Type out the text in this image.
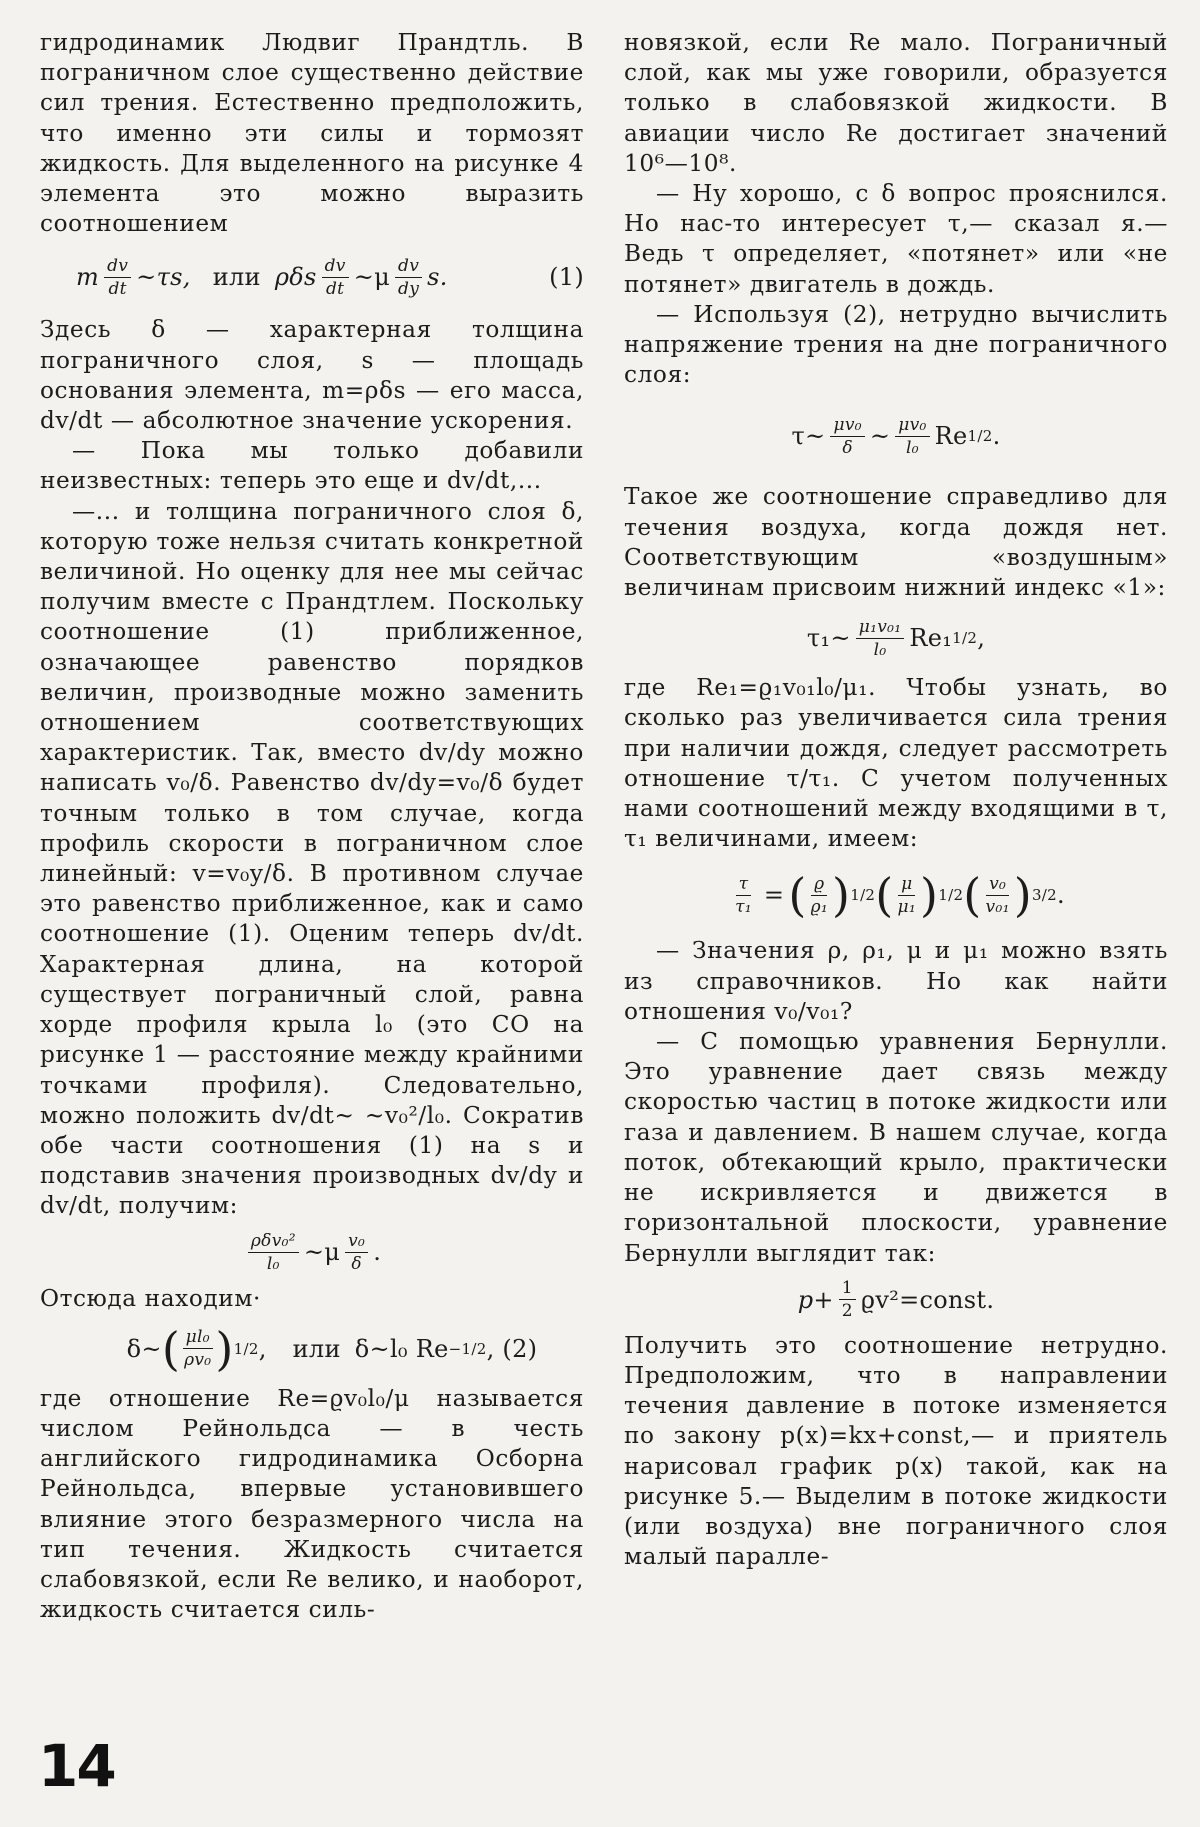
гидродинамик Людвиг Прандтль. В пограничном слое существенно действие сил трения. Естественно предположить, что именно эти силы и тормозят жидкость. Для выделенного на рисунке 4 элемента это можно выразить соотношением

m $\frac{dv}{dt}$ ~τs, или ρδs $\frac{dv}{dt}$ ~μ $\frac{dv}{dy} s$.	(1)

Здесь δ — характерная толщина пограничного слоя, s — площадь основания элемента, m=ρδs — его масса, dv/dt — абсолютное значение ускорения.

— Пока мы только добавили неизвестных: теперь это еще и dv/dt,...

—... и толщина пограничного слоя δ, которую тоже нельзя считать конкретной величиной. Но оценку для нее мы сейчас получим вместе с Прандтлем. Поскольку соотношение (1) приближенное, означающее равенство порядков величин, производные можно заменить отношением соответствующих характеристик. Так, вместо dv/dy можно написать v₀/δ. Равенство dv/dy=v₀/δ будет точным только в том случае, когда профиль скорости в пограничном слое линейный: v=v₀y/δ. В противном случае это равенство приближенное, как и само соотношение (1). Оценим теперь dv/dt. Характерная длина, на которой существует пограничный слой, равна хорде профиля крыла l₀ (это CO на рисунке 1 — расстояние между крайними точками профиля). Следовательно, можно положить dv/dt~ ~v₀²/l₀. Сократив обе части соотношения (1) на s и подставив значения производных dv/dy и dv/dt, получим:

$\frac{\text{ρδv₀²}}{\text{l₀}}$ ~μ $\frac{\text{v₀}}{\delta}$ .

Отсюда находим·

δ~ ( $\frac{\text{μl₀}}{\text{ρv₀}}$ ) 1/2 , или δ~l₀ Re −1/2 , (2)

где отношение Re=ϱv₀l₀/μ называется числом Рейнольдса — в честь английского гидродинамика Осборна Рейнольдса, впервые установившего влияние этого безразмерного числа на тип течения. Жидкость считается слабовязкой, если Re велико, и наоборот, жидкость считается силь-

новязкой, если Re мало. Пограничный слой, как мы уже говорили, образуется только в слабовязкой жидкости. В авиации число Re достигает значений 10⁶—10⁸.

— Ну хорошо, с δ вопрос прояснился. Но нас-то интересует τ,— сказал я.— Ведь τ определяет, «потянет» или «не потянет» двигатель в дождь.

— Используя (2), нетрудно вычислить напряжение трения на дне пограничного слоя:

τ~ $\frac{\text{μv₀}}{\delta}$ ~ $\frac{\text{μv₀}}{\text{l₀}}$ Re 1/2 .

Такое же соотношение справедливо для течения воздуха, когда дождя нет. Соответствующим «воздушным» величинам присвоим нижний индекс «1»:

τ₁~ $\frac{\text{μ₁v₀₁}}{\text{l₀}} Re_1$ 1/2 ,

где Re₁=ϱ₁v₀₁l₀/μ₁. Чтобы узнать, во сколько раз увеличивается сила трения при наличии дождя, следует рассмотреть отношение τ/τ₁. С учетом полученных нами соотношений между входящими в τ, τ₁ величинами, имеем:

$\frac{\tau}{\text{τ₁}}$ = ( $\frac{ϱ}{\text{ϱ₁}}$ ) 1/2 ( $\frac{\mu}{\text{μ₁}}$ ) 1/2 ( $\frac{\text{v₀}}{\text{v₀₁}}$ ) 3/2 .

— Значения ρ, ρ₁, μ и μ₁ можно взять из справочников. Но как найти отношения v₀/v₀₁?

— С помощью уравнения Бернулли. Это уравнение дает связь между скоростью частиц в потоке жидкости или газа и давлением. В нашем случае, когда поток, обтекающий крыло, практически не искривляется и движется в горизонтальной плоскости, уравнение Бернулли выглядит так:

$p+ \frac{1}{2}$ ϱv²=const.

Получить это соотношение нетрудно. Предположим, что в направлении течения давление в потоке изменяется по закону p(x)=kx+const,— и приятель нарисовал график p(x) такой, как на рисунке 5.— Выделим в потоке жидкости (или воздуха) вне пограничного слоя малый паралле-

14
